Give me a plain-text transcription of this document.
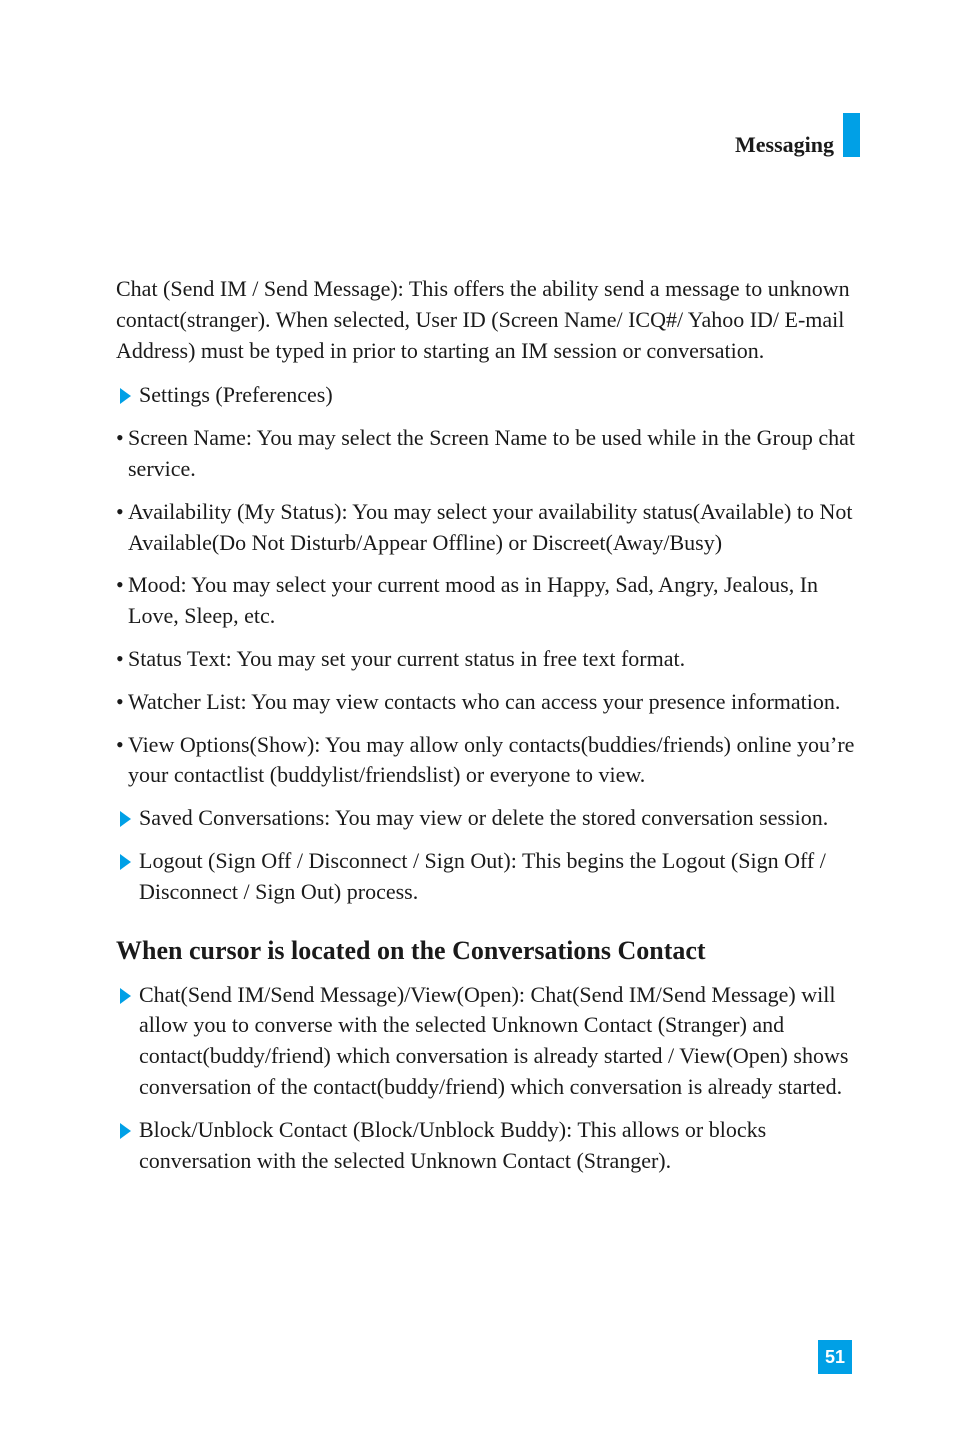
Messaging

Chat (Send IM / Send Message): This offers the ability send a message to unknown contact(stranger). When selected, User ID (Screen Name/ ICQ#/ Yahoo ID/ E-mail Address) must be typed in prior to starting an IM session or conversation.

Settings (Preferences)
• Screen Name: You may select the Screen Name to be used while in the Group chat service.
• Availability (My Status): You may select your availability status(Available) to Not Available(Do Not Disturb/Appear Offline) or Discreet(Away/Busy)
• Mood: You may select your current mood as in Happy, Sad, Angry, Jealous, In Love, Sleep, etc.
• Status Text: You may set your current status in free text format.
• Watcher List: You may view contacts who can access your presence information.
• View Options(Show): You may allow only contacts(buddies/friends) online you’re your contactlist (buddylist/friendslist) or everyone to view.
Saved Conversations: You may view or delete the stored conversation session.
Logout (Sign Off / Disconnect / Sign Out): This begins the Logout (Sign Off / Disconnect / Sign Out) process.
When cursor is located on the Conversations Contact
Chat(Send IM/Send Message)/View(Open): Chat(Send IM/Send Message) will allow you to converse with the selected Unknown Contact (Stranger) and contact(buddy/friend) which conversation is already started / View(Open) shows conversation of the contact(buddy/friend) which conversation is already started.
Block/Unblock Contact (Block/Unblock Buddy): This allows or blocks conversation with the selected Unknown Contact (Stranger).
51
